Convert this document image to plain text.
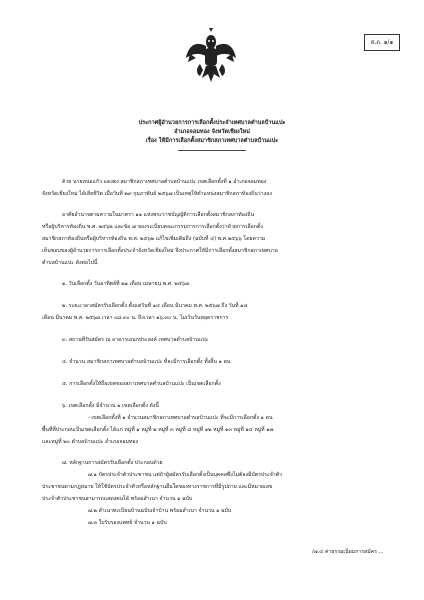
ส.ถ. ๑/๑
ประกาศผู้อำนวยการการเลือกตั้งประจำเทศบาลตำบลบ้านแปะ
อำเภอจอมทอง จังหวัดเชียงใหม่
เรื่อง ให้มีการเลือกตั้งสมาชิกสภาเทศบาลตำบลบ้านแปะ
ด้วย นายหน่อแก้ว แดงตง สมาชิกสภาเทศบาลตำบลบ้านแปะ เขตเลือกตั้งที่ ๑ อำเภอจอมทอง
จังหวัดเชียงใหม่ ได้เสียชีวิต เมื่อวันที่ ๒๙ กุมภาพันธ์ ๒๕๖๗ เป็นเหตุให้ตำแหน่งสมาชิกสภาท้องถิ่นว่างลง
อาศัยอำนาจตามความในมาตรา ๑๑ แห่งพระราชบัญญัติการเลือกตั้งสมาชิกสภาท้องถิ่น
หรือผู้บริหารท้องถิ่น พ.ศ. ๒๕๖๒ และข้อ ๗ ของระเบียบคณะกรรมการการเลือกตั้งว่าด้วยการเลือกตั้ง
สมาชิกสภาท้องถิ่นหรือผู้บริหารท้องถิ่น พ.ศ. ๒๕๖๒ แก้ไขเพิ่มเติมถึง (ฉบับที่ ๔) พ.ศ.๒๕๖๖ โดยความ
เห็นชอบของผู้อำนวยการการเลือกตั้งประจำจังหวัดเชียงใหม่ จึงประกาศให้มีการเลือกตั้งสมาชิกสภาเทศบาล
ตำบลบ้านแปะ ดังต่อไปนี้
๑. วันเลือกตั้ง วันอาทิตย์ที่ ๒๑ เดือน เมษายน พ.ศ. ๒๕๖๗
๒. ระยะเวลาสมัครรับเลือกตั้ง ตั้งแต่วันที่ ๑๔ เดือน มีนาคม พ.ศ. ๒๕๖๗ ถึง วันที่ ๑๘
เดือน มีนาคม พ.ศ. ๒๕๖๗ เวลา ๐๘.๓๐ น. ถึงเวลา ๑๖.๓๐ น. ไม่เว้นวันหยุดราชการ
๓. สถานที่รับสมัคร ณ อาคารเอนกประสงค์ เทศบาลตำบลบ้านแปะ
๔. จำนวน สมาชิกสภาเทศบาลตำบลบ้านแปะ ที่จะมีการเลือกตั้ง ทั้งสิ้น ๑ คน
๕. การเลือกตั้งให้ถือเขตของสภาเทศบาลตำบลบ้านแปะ เป็นเขตเลือกตั้ง
๖. เขตเลือกตั้ง มีจำนวน ๑ เขตเลือกตั้ง ดังนี้
- เขตเลือกตั้งที่ ๑ จำนวนสมาชิกสภาเทศบาลตำบลบ้านแปะ ที่จะมีการเลือกตั้ง ๑ คน
พื้นที่ที่ประกอบเป็นเขตเลือกตั้ง ได้แก่ หมู่ที่ ๑ หมู่ที่ ๒ หมู่ที่ ๓ หมู่ที่ ๘ หมู่ที่ ๑๒ หมู่ที่ ๑๓ หมู่ที่ ๑๔ หมู่ที่ ๑๗
และหมู่ที่ ๒๐ ตำบลบ้านแปะ อำเภอจอมทอง
๗. หลักฐานการสมัครรับเลือกตั้ง ประกอบด้วย
๗.๑ บัตรประจำตัวประชาชน แต่ถ้าผู้สมัครรับเลือกตั้งเป็นบุคคลซึ่งไม่ต้องมีบัตรประจำตัว
ประชาชนตามกฎหมาย ให้ใช้บัตรประจำตัวหรือหลักฐานอื่นใดของทางราชการที่มีรูปถ่าย และมีหมายเลข
ประจำตัวประชาชนสามารถแสดงตนได้ พร้อมสำเนา จำนวน ๑ ฉบับ
๗.๒ สำเนาทะเบียนบ้านฉบับเจ้าบ้าน พร้อมสำเนา จำนวน ๑ ฉบับ
๗.๓ ใบรับรองแพทย์ จำนวน ๑ ฉบับ
/๗.๔ ค่าธรรมเนียมการสมัคร ...
